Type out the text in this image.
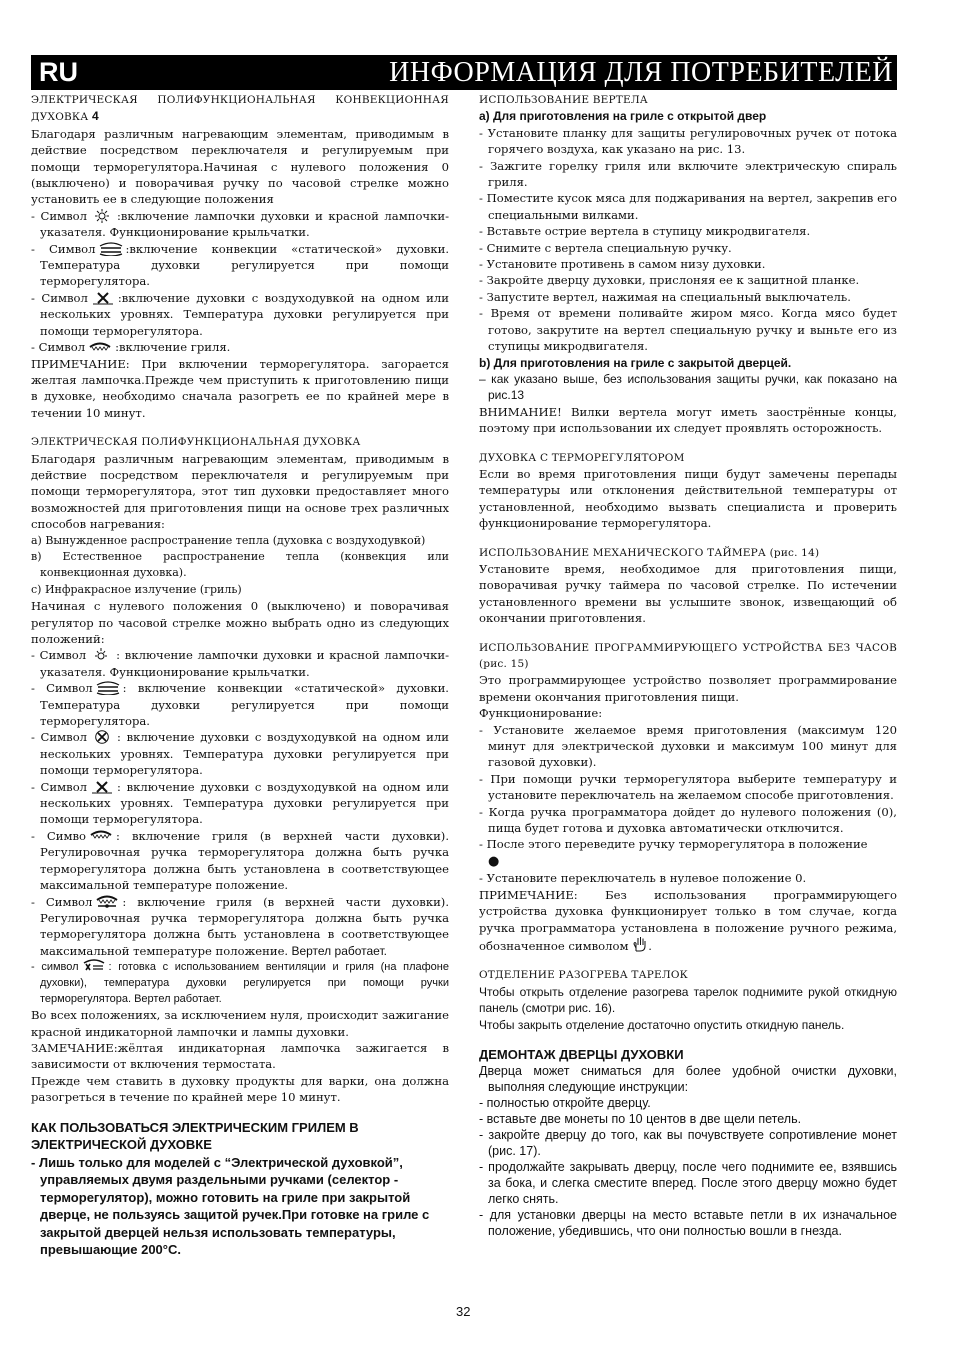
RU	ИНФОРМАЦИЯ ДЛЯ ПОТРЕБИТЕЛЕЙ

ЭЛЕКТРИЧЕСКАЯ ПОЛИФУНКЦИОНАЛЬНАЯ КОНВЕКЦИОННАЯ ДУХОВКА 4

Благодаря различным нагревающим элементам, приводимым в действие посредством переключателя и регулируемым при помощи терморегулятора.Начиная с нулевого положения 0 (выключено) и поворачивая ручку по часовой стрелке можно установить ее в следующие положения

- Символ	:включение лампочки духовки и красной лампочки-указателя. Функционирование крыльчатки.

- Символ	:включение конвекции «статической» духовки. Температура духовки регулируется при помощи терморегулятора.

- Символ	:включение духовки с воздуходувкой на одном или нескольких уровнях. Температура духовки регулируется при помощи терморегулятора.

- Символ	:включение гриля.

ПРИМЕЧАНИЕ: При включении терморегулятора. загорается желтая лампочка.Прежде чем приступить к приготовлению пищи в духовке, необходимо сначала разогреть ее по крайней мере в течении 10 минут.

ЭЛЕКТРИЧЕСКАЯ ПОЛИФУНКЦИОНАЛЬНАЯ ДУХОВКА

Благодаря различным нагревающим элементам, приводимым в действие посредством переключателя и регулируемым при помощи терморегулятора, этот тип духовки предоставляет много возможностей для приготовления пищи на основе трех различных способов нагревания:

а) Вынужденное распространение тепла (духовка с воздуходувкой)

в) Естественное распространение тепла (конвекция или конвекционная духовка).

с) Инфракрасное излучение (гриль)

Начиная с нулевого положения 0 (выключено) и поворачивая регулятор по часовой стрелке можно выбрать одно из следующих положений:

- Символ	: включение лампочки духовки и красной лампочки-указателя. Функционирование крыльчатки.

- Символ	: включение конвекции «статической» духовки. Температура духовки регулируется при помощи терморегулятора.

- Символ	: включение духовки с воздуходувкой на одном или нескольких уровнях. Температура духовки регулируется при помощи терморегулятора.

- Символ	: включение духовки с воздуходувкой на одном или нескольких уровнях. Температура духовки регулируется при помощи терморегулятора.

- Симво	: включение гриля (в верхней части духовки). Регулировочная ручка терморегулятора должна быть ручка терморегулятора должна быть установлена в соответствующее максимальной температуре положение.

- Символ	: включение гриля (в верхней части духовки). Регулировочная ручка терморегулятора должна быть ручка терморегулятора должна быть установлена в соответствующее максимальной температуре положение. Вертел работает.

- символ	: готовка с использованием вентиляции и гриля (на плафоне духовки), температура духовки регулируется при помощи ручки терморегулятора. Вертел работает.

Во всех положениях, за исключением нуля, происходит зажигание красной индикаторной лампочки и лампы духовки.

ЗАМЕЧАНИЕ:жёлтая индикаторная лампочка зажигается в зависимости от включения термостата.

Прежде чем ставить в духовку продукты для варки, она должна разогреться в течение по крайней мере 10 минут.

КАК ПОЛЬЗОВАТЬСЯ ЭЛЕКТРИЧЕСКИМ ГРИЛЕМ В ЭЛЕКТРИЧЕСКОЙ ДУХОВКЕ

- Лишь только для моделей с “Электрической духовкой”, управляемых двумя раздельными ручками (селектор - терморегулятор), можно готовить на гриле при закрытой дверце, не пользуясь защитой ручек.При готовке на гриле с закрытой дверцей нельзя использовать температуры, превышающие 200°C.

ИСПОЛЬЗОВАНИЕ ВЕРТЕЛА

а) Для приготовления на гриле с открытой двер

- Установите планку для защиты регулировочных ручек от потока горячего воздуха, как указано на рис. 13.

- Зажгите горелку гриля или включите электрическую спираль гриля.

- Поместите кусок мяса для поджаривания на вертел, закрепив его специальными вилками.

- Вставьте острие вертела в ступицу микродвигателя.

- Снимите с вертела специальную ручку.

- Установите противень в самом низу духовки.

- Закройте дверцу духовки, прислоняя ее к защитной планке.

- Запустите вертел, нажимая на специальный выключатель.

- Время от времени поливайте жиром мясо. Когда мясо будет готово, закрутите на вертел специальную ручку и выньте его из ступицы микродвигателя.

b) Для приготовления на гриле с закрытой дверцей.

– как указано выше, без использования защиты ручки, как показано на рис.13

ВНИМАНИЕ! Вилки вертела могут иметь заострённые концы, поэтому при использовании их следует проявлять осторожность.

ДУХОВКА С ТЕРМОРЕГУЛЯТОРОМ

Если во время приготовления пищи будут замечены перепады температуры или отклонения действительной температуры от установленной, необходимо вызвать специалиста и проверить функционирование терморегулятора.

ИСПОЛЬЗОВАНИЕ МЕХАНИЧЕСКОГО ТАЙМЕРА (рис. 14)

Установите время, необходимое для приготовления пищи, поворачивая ручку таймера по часовой стрелке. По истечении установленного времени вы услышите звонок, извещающий об окончании приготовления.

ИСПОЛЬЗОВАНИЕ ПРОГРАММИРУЮЩЕГО УСТРОЙСТВА БЕЗ ЧАСОВ (рис. 15)

Это программирующее устройство позволяет программирование времени окончания приготовления пищи.

Функционирование:

- Установите желаемое время приготовления (максимум 120 минут для электрической духовки и максимум 100 минут для газовой духовки).

- При помощи ручки терморегулятора выберите температуру и установите переключатель на желаемом способе приготовления.

- Когда ручка программатора дойдет до нулевого положения (0), пища будет готова и духовка автоматически отключится.

- После этого переведите ручку терморегулятора в положение
●

- Установите переключатель в нулевое положение 0.

ПРИМЕЧАНИЕ: Без использования программирующего устройства духовка функционирует только в том случае, когда ручка программатора установлена в положение ручного режима, обозначенное символом .

ОТДЕЛЕНИЕ РАЗОГРЕВА ТАРЕЛОК

Чтобы открыть отделение разогрева тарелок поднимите рукой откидную панель (смотри рис. 16).

Чтобы закрыть отделение достаточно опустить откидную панель.

ДЕМОНТАЖ ДВЕРЦЫ ДУХОВКИ

Дверца может сниматься для более удобной очистки духовки, выполняя следующие инструкции:

- полностью откройте дверцу.

- вставьте две монеты по 10 центов в две щели петель.

- закройте дверцу до того, как вы почувствуете сопротивление монет (рис. 17).

- продолжайте закрывать дверцу, после чего поднимите ее, взявшись за бока, и слегка сместите вперед. После этого дверцу можно будет легко снять.

- для установки дверцы на место вставьте петли в их изначальное положение, убедившись, что они полностью вошли в гнезда.

32
